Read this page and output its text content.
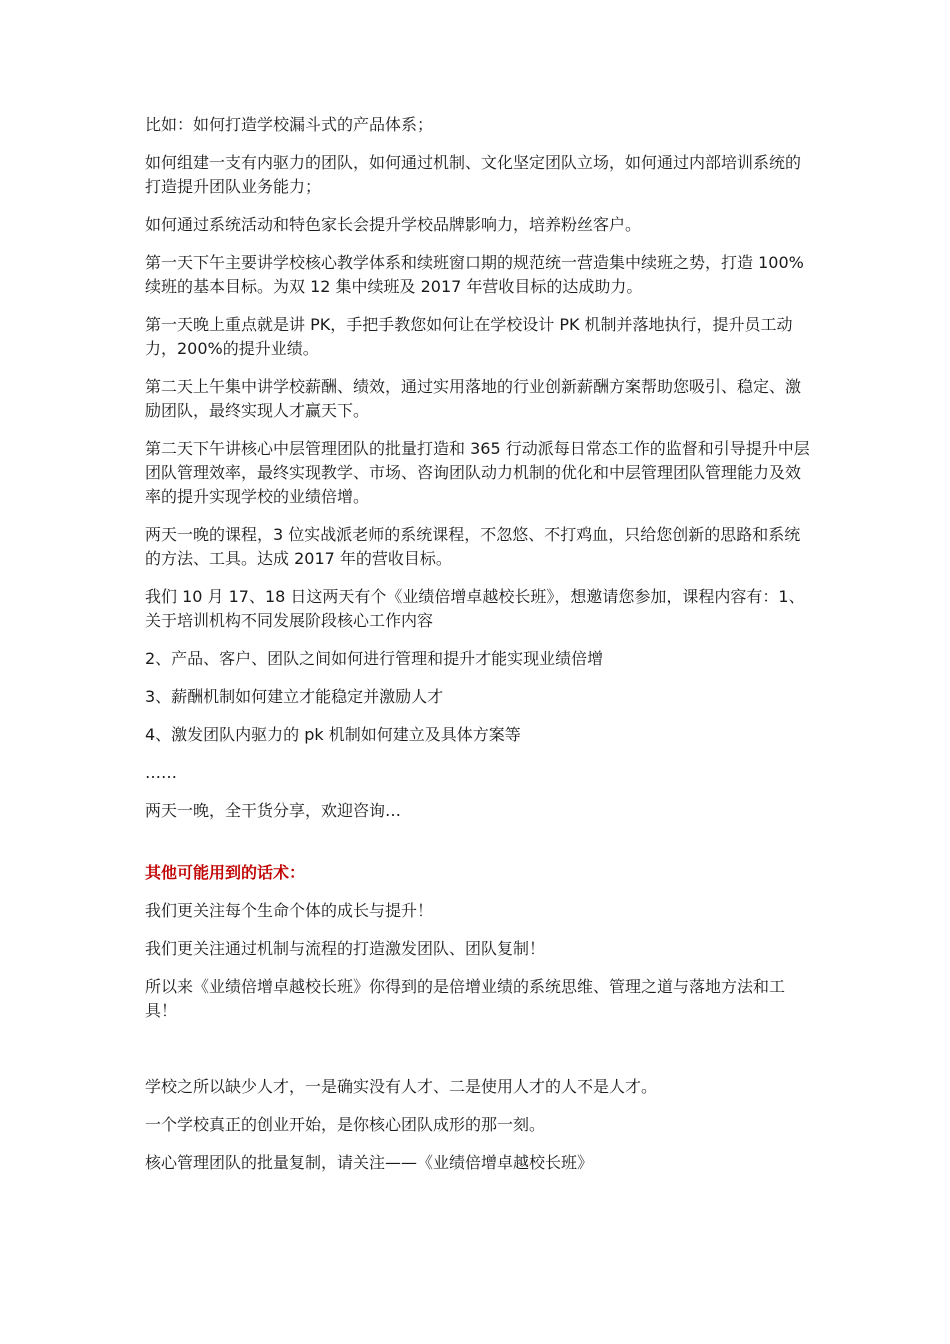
比如：如何打造学校漏斗式的产品体系；

如何组建一支有内驱力的团队，如何通过机制、文化坚定团队立场，如何通过内部培训系统的打造提升团队业务能力；

如何通过系统活动和特色家长会提升学校品牌影响力，培养粉丝客户。

第一天下午主要讲学校核心教学体系和续班窗口期的规范统一营造集中续班之势，打造 100%续班的基本目标。为双 12 集中续班及 2017 年营收目标的达成助力。

第一天晚上重点就是讲 PK，手把手教您如何让在学校设计 PK 机制并落地执行，提升员工动力，200%的提升业绩。

第二天上午集中讲学校薪酬、绩效，通过实用落地的行业创新薪酬方案帮助您吸引、稳定、激励团队，最终实现人才赢天下。

第二天下午讲核心中层管理团队的批量打造和 365 行动派每日常态工作的监督和引导提升中层团队管理效率，最终实现教学、市场、咨询团队动力机制的优化和中层管理团队管理能力及效率的提升实现学校的业绩倍增。

两天一晚的课程，3 位实战派老师的系统课程，不忽悠、不打鸡血，只给您创新的思路和系统的方法、工具。达成 2017 年的营收目标。

我们 10 月 17、18 日这两天有个《业绩倍增卓越校长班》，想邀请您参加，课程内容有：1、关于培训机构不同发展阶段核心工作内容

2、产品、客户、团队之间如何进行管理和提升才能实现业绩倍增

3、薪酬机制如何建立才能稳定并激励人才

4、激发团队内驱力的 pk 机制如何建立及具体方案等

……

两天一晚，全干货分享，欢迎咨询…

其他可能用到的话术：

我们更关注每个生命个体的成长与提升！

我们更关注通过机制与流程的打造激发团队、团队复制！

所以来《业绩倍增卓越校长班》你得到的是倍增业绩的系统思维、管理之道与落地方法和工具！

学校之所以缺少人才，一是确实没有人才、二是使用人才的人不是人才。

一个学校真正的创业开始，是你核心团队成形的那一刻。

核心管理团队的批量复制，请关注——《业绩倍增卓越校长班》
